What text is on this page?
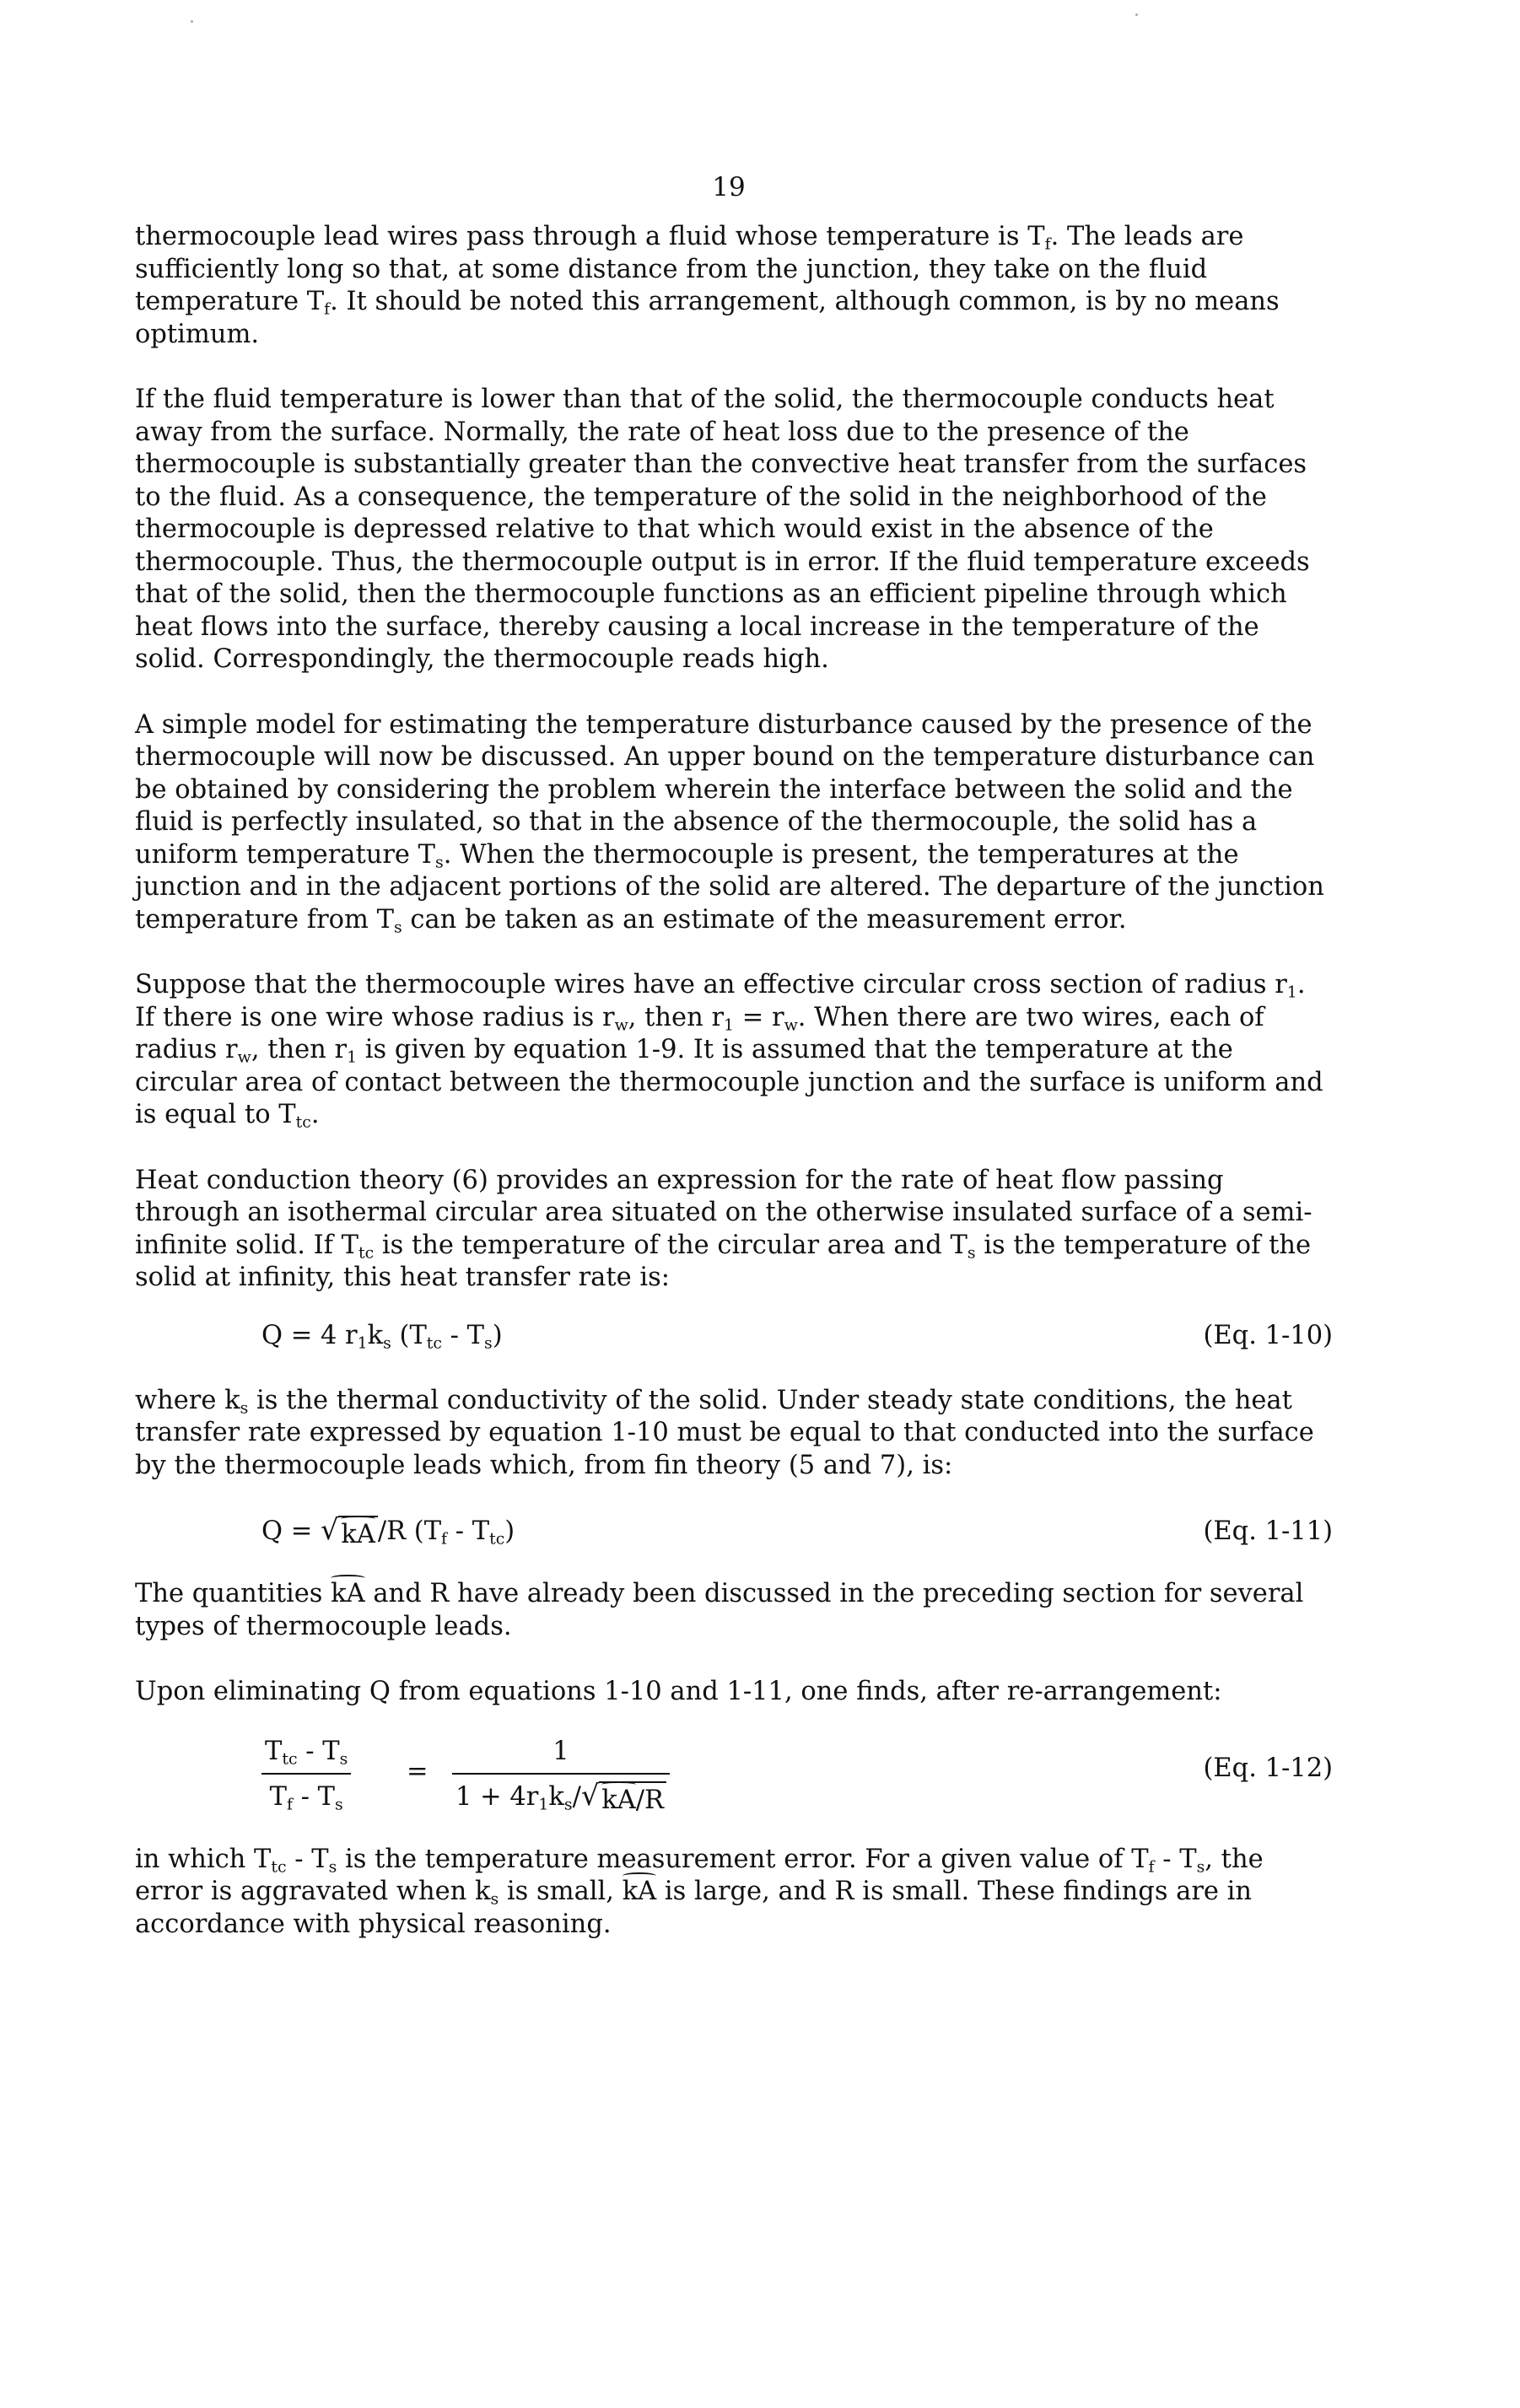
19

thermocouple lead wires pass through a fluid whose temperature is $T_f$. The leads are sufficiently long so that, at some distance from the junction, they take on the fluid temperature $T_f$. It should be noted this arrangement, although common, is by no means optimum.

If the fluid temperature is lower than that of the solid, the thermocouple conducts heat away from the surface. Normally, the rate of heat loss due to the presence of the thermocouple is substantially greater than the convective heat transfer from the surfaces to the fluid. As a consequence, the temperature of the solid in the neighborhood of the thermocouple is depressed relative to that which would exist in the absence of the thermocouple. Thus, the thermocouple output is in error. If the fluid temperature exceeds that of the solid, then the thermocouple functions as an efficient pipeline through which heat flows into the surface, thereby causing a local increase in the temperature of the solid. Correspondingly, the thermocouple reads high.

A simple model for estimating the temperature disturbance caused by the presence of the thermocouple will now be discussed. An upper bound on the temperature disturbance can be obtained by considering the problem wherein the interface between the solid and the fluid is perfectly insulated, so that in the absence of the thermocouple, the solid has a uniform temperature $T_s$. When the thermocouple is present, the temperatures at the junction and in the adjacent portions of the solid are altered. The departure of the junction temperature from $T_s$ can be taken as an estimate of the measurement error.

Suppose that the thermocouple wires have an effective circular cross section of radius $r_1$. If there is one wire whose radius is $r_w$, then $r_1 = r_w$. When there are two wires, each of radius $r_w$, then $r_1$ is given by equation 1-9. It is assumed that the temperature at the circular area of contact between the thermocouple junction and the surface is uniform and is equal to $T_{tc}$.

Heat conduction theory (6) provides an expression for the rate of heat flow passing through an isothermal circular area situated on the otherwise insulated surface of a semi-infinite solid. If $T_{tc}$ is the temperature of the circular area and $T_s$ is the temperature of the solid at infinity, this heat transfer rate is:

Q = 4 $r_1k_s$ $(T_{tc} - T_s)$	(Eq. 1-10)

where $k_s$ is the thermal conductivity of the solid. Under steady state conditions, the heat transfer rate expressed by equation 1-10 must be equal to that conducted into the surface by the thermocouple leads which, from fin theory (5 and 7), is:

Q = √ kA /R $(T_f - T_{tc})$	(Eq. 1-11)

The quantities kA and R have already been discussed in the preceding section for several types of thermocouple leads.

Upon eliminating Q from equations 1-10 and 1-11, one finds, after re-arrangement:

$T_{tc} - T_s$
$T_f - T_s$
= $\frac{1}{1 + 4r_1k_s/ √ kA/R}$	(Eq. 1-12)

in which $T_{tc} - T_s$ is the temperature measurement error. For a given value of $T_f - T_s$, the error is aggravated when $k_s$ is small, kA is large, and R is small. These findings are in accordance with physical reasoning.
